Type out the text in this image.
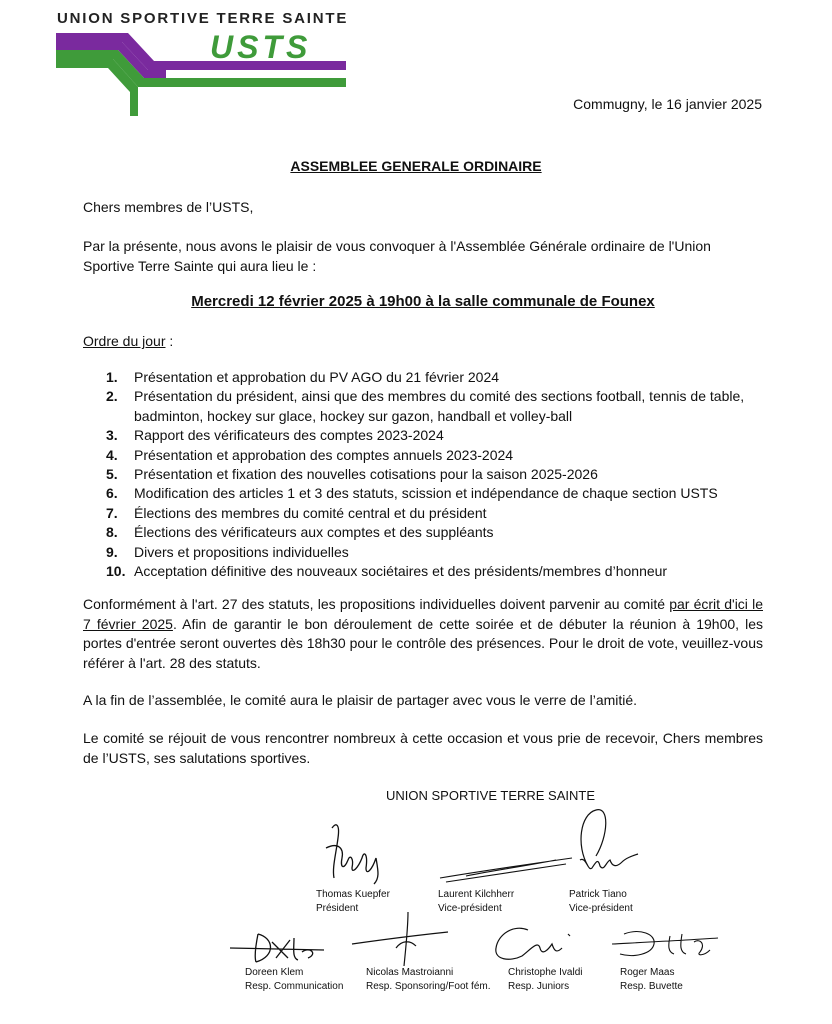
UNION SPORTIVE TERRE SAINTE
USTS
Commugny, le 16 janvier 2025
ASSEMBLEE GENERALE ORDINAIRE
Chers membres de l’USTS,
Par la présente, nous avons le plaisir de vous convoquer à l'Assemblée Générale ordinaire de l'Union Sportive Terre Sainte qui aura lieu le :
Mercredi 12 février 2025 à 19h00 à la salle communale de Founex
Ordre du jour :
1.	Présentation et approbation du PV AGO du 21 février 2024
2.	Présentation du président, ainsi que des membres du comité des sections football, tennis de table, badminton, hockey sur glace, hockey sur gazon, handball et volley-ball
3.	Rapport des vérificateurs des comptes 2023-2024
4.	Présentation et approbation des comptes annuels 2023-2024
5.	Présentation et fixation des nouvelles cotisations pour la saison 2025-2026
6.	Modification des articles 1 et 3 des statuts, scission et indépendance de chaque section USTS
7.	Élections des membres du comité central et du président
8.	Élections des vérificateurs aux comptes et des suppléants
9.	Divers et propositions individuelles
10. Acceptation définitive des nouveaux sociétaires et des présidents/membres d’honneur
Conformément à l'art. 27 des statuts, les propositions individuelles doivent parvenir au comité par écrit d'ici le 7 février 2025. Afin de garantir le bon déroulement de cette soirée et de débuter la réunion à 19h00, les portes d'entrée seront ouvertes dès 18h30 pour le contrôle des présences. Pour le droit de vote, veuillez-vous référer à l'art. 28 des statuts.
A la fin de l’assemblée, le comité aura le plaisir de partager avec vous le verre de l’amitié.
Le comité se réjouit de vous rencontrer nombreux à cette occasion et vous prie de recevoir, Chers membres de l’USTS, ses salutations sportives.
UNION SPORTIVE TERRE SAINTE
Thomas Kuepfer
Président
Laurent Kilchherr
Vice-président
Patrick Tiano
Vice-président
Doreen Klem
Resp. Communication
Nicolas Mastroianni
Resp. Sponsoring/Foot fém.
Christophe Ivaldi
Resp. Juniors
Roger Maas
Resp. Buvette
